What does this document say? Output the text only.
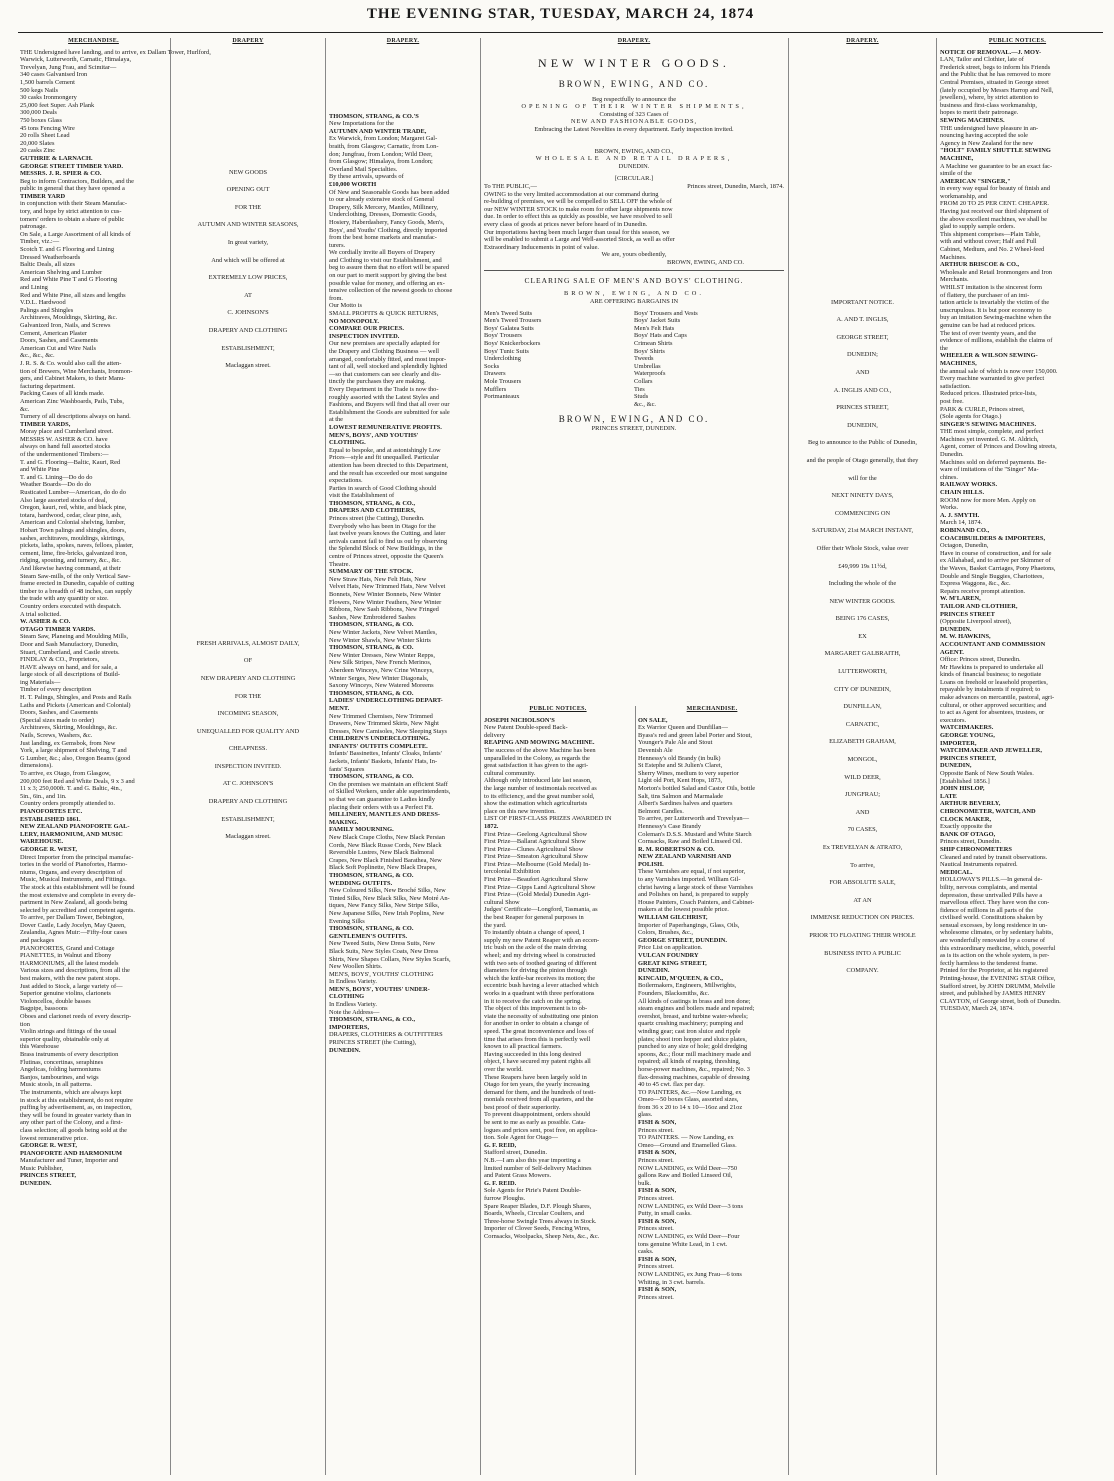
THE EVENING STAR, TUESDAY, MARCH 24, 1874
MERCHANDISE.
THE Undersigned have landing, and to arrive, ex Dallam Tower, Hurlford,
Warwick, Lutterworth, Carnatic, Himalaya,
Trevelyan, Jung Frau, and Scimitar—
340 cases Galvanised Iron
1,500 barrels Cement
500 kegs Nails
30 casks Ironmongery
25,000 feet Super. Ash Plank
300,000 Deals
750 boxes Glass
45 tons Fencing Wire
20 rolls Sheet Lead
20,000 Slates
20 casks Zinc
GUTHRIE & LARNACH.
GEORGE STREET TIMBER YARD.
MESSRS. J. R. SPIER & CO.
Beg to inform Contractors, Builders, and the
public in general that they have opened a
TIMBER YARD
in conjunction with their Steam Manufac-
tory, and hope by strict attention to cus-
tomers' orders to obtain a share of public
patronage.
On Sale, a Large Assortment of all kinds of
Timber, viz.:—
Scotch T. and G Flooring and Lining
Dressed Weatherboards
Baltic Deals, all sizes
American Shelving and Lumber
Red and White Pine T and G Flooring
and Lining
Red and White Pine, all sizes and lengths
V.D.L. Hardwood
Palings and Shingles
Architraves, Mouldings, Skirting, &c.
Galvanized Iron, Nails, and Screws
Cement, American Plaster
Doors, Sashes, and Casements
American Cut and Wire Nails
&c., &c., &c.
J. R. S. & Co. would also call the atten-
tion of Brewers, Wine Merchants, Ironmon-
gers, and Cabinet Makers, to their Manu-
facturing department.
Packing Cases of all kinds made.
American Zinc Washboards, Pails, Tubs,
&c.
Turnery of all descriptions always on hand.
TIMBER YARDS,
Moray place and Cumberland street.
MESSRS W. ASHER & CO. have
always on hand full assorted stocks
of the undermentioned Timbers:—
T. and G. Flooring—Baltic, Kauri, Red
and White Pine
T. and G. Lining—Do do do
Weather Boards—Do do do
Rusticated Lumber—American, do do do
Also large assorted stocks of deal,
Oregon, kauri, red, white, and black pine,
totara, hardwood, cedar, clear pine, ash,
American and Colonial shelving, lumber,
Hobart Town palings and shingles, doors,
sashes, architraves, mouldings, skirtings,
pickets, laths, spokes, naves, felloes, plaster,
cement, lime, fire-bricks, galvanized iron,
ridging, spouting, and turnery, &c., &c.
And likewise having command, at their
Steam Saw-mills, of the only Vertical Saw-
frame erected in Dunedin, capable of cutting
timber to a breadth of 48 inches, can supply
the trade with any quantity or size.
Country orders executed with despatch.
A trial solicited.
W. ASHER & CO.
OTAGO TIMBER YARDS.
Steam Saw, Planeing and Moulding Mills,
Door and Sash Manufactory, Dunedin,
Stuart, Cumberland, and Castle streets.
FINDLAY & CO., Proprietors,
HAVE always on hand, and for sale, a
large stock of all descriptions of Build-
ing Materials—
Timber of every description
H. T. Palings, Shingles, and Posts and Rails
Laths and Pickets (American and Colonial)
Doors, Sashes, and Casements
(Special sizes made to order)
Architraves, Skirting, Mouldings, &c.
Nails, Screws, Washers, &c.
Just landing, ex Gemsbok, from New
York, a large shipment of Shelving, T and
G Lumber, &c.; also, Oregon Beams (good
dimensions).
To arrive, ex Otago, from Glasgow,
200,000 feet Red and White Deals, 9 x 3 and
11 x 3; 250,000ft. T. and G. Baltic, 4in.,
5in., 6in., and 1in.
Country orders promptly attended to.
PIANOFORTES ETC.
ESTABLISHED 1861.
NEW ZEALAND PIANOFORTE GAL-
LERY, HARMONIUM, AND MUSIC
WAREHOUSE.
GEORGE R. WEST,
Direct Importer from the principal manufac-
tories in the world of Pianofortes, Harmo-
niums, Organs, and every description of
Music, Musical Instruments, and Fittings.
The stock at this establishment will be found
the most extensive and complete in every de-
partment in New Zealand, all goods being
selected by accredited and competent agents.
To arrive, per Dallam Tower, Bebington,
Dover Castle, Lady Jocelyn, May Queen,
Zealandia, Agnes Muir:—Fifty-four cases
and packages
PIANOFORTES, Grand and Cottage
PIANETTES, in Walnut and Ebony
HARMONIUMS, all the latest models
Various sizes and descriptions, from all the
best makers, with the new patent stops.
Just added to Stock, a large variety of—
Superior genuine violins, clarionets
Violoncellos, double basses
Bagpipe, bassoons
Oboes and clarionet reeds of every descrip-
tion
Violin strings and fittings of the usual
superior quality, obtainable only at
this Warehouse
Brass instruments of every description
Flutinas, concertinas, seraphines
Angelicas, folding harmoniums
Banjos, tambourines, and wigs
Music stools, in all patterns.
The instruments, which are always kept
in stock at this establishment, do not require
puffing by advertisement, as, on inspection,
they will be found in greater variety than in
any other part of the Colony, and a first-
class selection; all goods being sold at the
lowest remunerative price.
GEORGE R. WEST,
PIANOFORTE AND HARMONIUM
Manufacturer and Tuner, Importer and
Music Publisher,
PRINCES STREET,
DUNEDIN.
DRAPERY
NEW GOODS
OPENING OUT
FOR THE
AUTUMN AND WINTER SEASONS,
In great variety,
And which will be offered at
EXTREMELY LOW PRICES,
AT
C. JOHNSON'S
DRAPERY AND CLOTHING
ESTABLISHMENT,
Maclaggan street.
FRESH ARRIVALS, ALMOST DAILY,
OF
NEW DRAPERY AND CLOTHING
FOR THE
INCOMING SEASON,
UNEQUALLED FOR QUALITY AND
CHEAPNESS.
INSPECTION INVITED.
AT C. JOHNSON'S
DRAPERY AND CLOTHING
ESTABLISHMENT,
Maclaggan street.
DRAPERY.
THOMSON, STRANG, & CO.'S
New Importations for the
AUTUMN AND WINTER TRADE,
Ex Warwick, from London; Margaret Gal-
braith, from Glasgow; Carnatic, from Lon-
don; Jungfrau, from London; Wild Deer,
from Glasgow; Himalaya, from London;
Overland Mail Specialties.
By these arrivals, upwards of
£10,000 WORTH
Of New and Seasonable Goods has been added
to our already extensive stock of General
Drapery, Silk Mercery, Mantles, Millinery,
Underclothing, Dresses, Domestic Goods,
Hosiery, Haberdashery, Fancy Goods, Men's,
Boys', and Youths' Clothing, directly imported
from the best home markets and manufac-
turers.
We cordially invite all Buyers of Drapery
and Clothing to visit our Establishment, and
beg to assure them that no effort will be spared
on our part to merit support by giving the best
possible value for money, and offering an ex-
tensive collection of the newest goods to choose
from.
Our Motto is
SMALL PROFITS & QUICK RETURNS,
NO MONOPOLY.
COMPARE OUR PRICES.
INSPECTION INVITED.
Our new premises are specially adapted for
the Drapery and Clothing Business — well
arranged, comfortably fitted, and most impor-
tant of all, well stocked and splendidly lighted
—so that customers can see clearly and dis-
tinctly the purchases they are making.
Every Department in the Trade is now tho-
roughly assorted with the Latest Styles and
Fashions, and Buyers will find that all over our
Establishment the Goods are submitted for sale
at the
LOWEST REMUNERATIVE PROFITS.
MEN'S, BOYS', AND YOUTHS'
CLOTHING.
Equal to bespoke, and at astonishingly Low
Prices—style and fit unequalled. Particular
attention has been directed to this Department,
and the result has exceeded our most sanguine
expectations.
Parties in search of Good Clothing should
visit the Establishment of
THOMSON, STRANG, & CO.,
DRAPERS AND CLOTHIERS,
Princes street (the Cutting), Dunedin.
Everybody who has been in Otago for the
last twelve years knows the Cutting, and later
arrivals cannot fail to find us out by observing
the Splendid Block of New Buildings, in the
centre of Princes street, opposite the Queen's
Theatre.
SUMMARY OF THE STOCK.
New Straw Hats, New Felt Hats, New
Velvet Hats, New Trimmed Hats, New Velvet
Bonnets, New Winter Bonnets, New Winter
Flowers, New Winter Feathers, New Winter
Ribbons, New Sash Ribbons, New Fringed
Sashes, New Embroidered Sashes
THOMSON, STRANG, & CO.
New Winter Jackets, New Velvet Mantles,
New Winter Shawls, New Winter Skirts
THOMSON, STRANG, & CO.
New Winter Dresses, New Winter Repps,
New Silk Stripes, New French Merinos,
Aberdeen Winceys, New Crine Winceys,
Winter Serges, New Winter Diagonals,
Saxony Winceys, New Watered Moreens
THOMSON, STRANG, & CO.
LADIES' UNDERCLOTHING DEPART-
MENT.
New Trimmed Chemises, New Trimmed
Drawers, New Trimmed Skirts, New Night
Dresses, New Camisoles, New Sleeping Stays
CHILDREN'S UNDERCLOTHING.
INFANTS' OUTFITS COMPLETE.
Infants' Bassinettes, Infants' Cloaks, Infants'
Jackets, Infants' Baskets, Infants' Hats, In-
fants' Squares
THOMSON, STRANG, & CO.
On the premises we maintain an efficient Staff
of Skilled Workers, under able superintendents,
so that we can guarantee to Ladies kindly
placing their orders with us a Perfect Fit.
MILLINERY, MANTLES AND DRESS-
MAKING.
FAMILY MOURNING.
New Black Crape Cloths, New Black Persian
Cords, New Black Russe Cords, New Black
Reversible Lustres, New Black Balmoral
Crapes, New Black Finished Barathea, New
Black Soft Poplinette, New Black Drapes,
THOMSON, STRANG, & CO.
WEDDING OUTFITS.
New Coloured Silks, New Broché Silks, New
Tinted Silks, New Black Silks, New Moiré An-
tiques, New Fancy Silks, New Stripe Silks,
New Japanese Silks, New Irish Poplins, New
Evening Silks
THOMSON, STRANG, & CO.
GENTLEMEN'S OUTFITS.
New Tweed Suits, New Dress Suits, New
Black Suits, New Styles Coats, New Dress
Shirts, New Shapes Collars, New Styles Scarfs,
New Woollen Shirts.
MEN'S, BOYS', YOUTHS' CLOTHING
In Endless Variety.
MEN'S, BOYS', YOUTHS' UNDER-
CLOTHING
In Endless Variety.
Note the Address—
THOMSON, STRANG, & CO.,
IMPORTERS,
DRAPERS, CLOTHIERS & OUTFITTERS
PRINCES STREET (the Cutting),
DUNEDIN.
DRAPERY.
NEW WINTER GOODS.
BROWN, EWING, AND CO.
Beg respectfully to announce the
OPENING OF THEIR WINTER SHIPMENTS,
Consisting of 323 Cases of
NEW AND FASHIONABLE GOODS,
Embracing the Latest Novelties in every department. Early inspection invited.
BROWN, EWING, AND CO.,
WHOLESALE AND RETAIL DRAPERS,
DUNEDIN.
[CIRCULAR.]
To THE PUBLIC,—	Princes street, Dunedin, March, 1874.
OWING to the very limited accommodation at our command during
re-building of premises, we will be compelled to SELL OFF the whole of
our NEW WINTER STOCK to make room for other large shipments now
due. In order to effect this as quickly as possible, we have resolved to sell
every class of goods at prices never before heard of in Dunedin.
Our importations having been much larger than usual for this season, we
will be enabled to submit a Large and Well-assorted Stock, as well as offer
Extraordinary Inducements in point of value.
We are, yours obediently,
BROWN, EWING, AND CO.
CLEARING SALE OF MEN'S AND BOYS' CLOTHING.
BROWN, EWING, AND CO.
ARE OFFERING BARGAINS IN
Men's Tweed Suits
Men's Tweed Trousers
Boys' Galatea Suits
Boys' Trousers
Boys' Knickerbockers
Boys' Tunic Suits
Underclothing
Socks
Drawers
Mole Trousers
Mufflers
Portmanteaux
Boys' Trousers and Vests
Boys' Jacket Suits
Men's Felt Hats
Boys' Hats and Caps
Crimean Shirts
Boys' Shirts
Tweeds
Umbrellas
Waterproofs
Collars
Ties
Studs
&c., &c.
BROWN, EWING, AND CO.
PRINCES STREET, DUNEDIN.
PUBLIC NOTICES.
JOSEPH NICHOLSON'S
New Patent Double-speed Back-
delivery
REAPING AND MOWING MACHINE.
The success of the above Machine has been
unparalleled in the Colony, as regards the
great satisfaction it has given to the agri-
cultural community.
Although only introduced late last season,
the large number of testimonials received as
to its efficiency, and the great number sold,
show the estimation which agriculturists
place on this new invention.
LIST OF FIRST-CLASS PRIZES AWARDED IN
1872.
First Prize—Geelong Agricultural Show
First Prize—Ballarat Agricultural Show
First Prize—Clunes Agricultural Show
First Prize—Smeaton Agricultural Show
First Prize—Melbourne (Gold Medal) In-
tercolonial Exhibition
First Prize—Beaufort Agricultural Show
First Prize—Gipps Land Agricultural Show
First Prize—(Gold Medal) Dunedin Agri-
cultural Show
Judges' Certificate—Longford, Tasmania, as
the best Reaper for general purposes in
the yard.
To instantly obtain a change of speed, I
supply my new Patent Reaper with an eccen-
tric bush on the axle of the main driving
wheel; and my driving wheel is constructed
with two sets of toothed gearing of different
diameters for driving the pinion through
which the knife-bar receives its motion; the
eccentric bush having a lever attached which
works in a quadrant with three perforations
in it to receive the catch on the spring.
The object of this improvement is to ob-
viate the necessity of substituting one pinion
for another in order to obtain a change of
speed. The great inconvenience and loss of
time that arises from this is perfectly well
known to all practical farmers.
Having succeeded in this long desired
object, I have secured my patent rights all
over the world.
These Reapers have been largely sold in
Otago for ten years, the yearly increasing
demand for them, and the hundreds of testi-
monials received from all quarters, and the
best proof of their superiority.
To prevent disappointment, orders should
be sent to me as early as possible. Cata-
logues and prices sent, post free, on applica-
tion. Sole Agent for Otago—
G. F. REID,
Stafford street, Dunedin.
N.B.—I am also this year importing a
limited number of Self-delivery Machines
and Patent Grass Mowers.
G. F. REID.
Sole Agents for Pirie's Patent Double-
furrow Ploughs.
Spare Reaper Blades, D.F. Plough Shares,
Boards, Wheels, Circular Coulters, and
Three-horse Swingle Trees always in Stock.
Importer of Clover Seeds, Fencing Wires,
Cornsacks, Woolpacks, Sheep Nets, &c., &c.
MERCHANDISE.
ON SALE,
Ex Warrior Queen and Dunfillan—
Byass's red and green label Porter and Stout,
Younger's Pale Ale and Stout
Devenish Ale
Hennessy's old Brandy (in bulk)
St Estephe and St Julien's Claret,
Sherry Wines, medium to very superior
Light old Port, Kent Hops, 1873,
Morton's bottled Salad and Castor Oils, bottle
Salt, tins Salmon and Marmalade
Albert's Sardines halves and quarters
Belmont Candles.
To arrive, per Lutterworth and Trevelyan—
Hennessy's Case Brandy
Coleman's D.S.S. Mustard and White Starch
Cornsacks, Raw and Boiled Linseed Oil.
R. M. ROBERTSON & CO.
NEW ZEALAND VARNISH AND
POLISH.
These Varnishes are equal, if not superior,
to any Varnishes imported. William Gil-
christ having a large stock of these Varnishes
and Polishes on hand, is prepared to supply
House Painters, Coach Painters, and Cabinet-
makers at the lowest possible price.
WILLIAM GILCHRIST,
Importer of Paperhangings, Glass, Oils,
Colors, Brushes, &c.,
GEORGE STREET, DUNEDIN.
Price List on application.
VULCAN FOUNDRY
GREAT KING STREET,
DUNEDIN.
KINCAID, M'QUEEN, & CO.,
Boilermakers, Engineers, Millwrights,
Founders, Blacksmiths, &c.
All kinds of castings in brass and iron done;
steam engines and boilers made and repaired;
overshot, breast, and turbine water-wheels;
quartz crushing machinery; pumping and
winding gear; cast iron sluice and ripple
plates; shoot iron hopper and sluice plates,
punched to any size of hole; gold dredging
spoons, &c.; flour mill machinery made and
repaired; all kinds of reaping, threshing,
horse-power machines, &c., repaired; No. 3
flax-dressing machines, capable of dressing
40 to 45 cwt. flax per day.
TO PAINTERS, &c.—Now Landing, ex
Omeo—50 boxes Glass, assorted sizes,
from 36 x 20 to 14 x 10—16oz and 21oz
glass.
FISH & SON,
Princes street.
TO PAINTERS. — Now Landing, ex
Omeo—Ground and Enamelled Glass.
FISH & SON,
Princes street.
NOW LANDING, ex Wild Deer—750
gallons Raw and Boiled Linseed Oil,
bulk.
FISH & SON,
Princes street.
NOW LANDING, ex Wild Deer—3 tons
Putty, in small casks.
FISH & SON,
Princes street.
NOW LANDING, ex Wild Deer—Four
tons genuine White Lead, in 1 cwt.
casks.
FISH & SON,
Princes street.
NOW LANDING, ex Jung Frau—6 tons
Whiting, in 3 cwt. barrels.
FISH & SON,
Princes street.
DRAPERY.
IMPORTANT NOTICE.
A. AND T. INGLIS,
GEORGE STREET,
DUNEDIN;
AND
A. INGLIS AND CO.,
PRINCES STREET,
DUNEDIN,
Beg to announce to the Public of Dunedin,
and the people of Otago generally, that they
will for the
NEXT NINETY DAYS,
COMMENCING ON
SATURDAY, 21st MARCH INSTANT,
Offer their Whole Stock, value over
£49,999 19s 11½d,
Including the whole of the
NEW WINTER GOODS.
BEING 176 CASES,
EX
MARGARET GALBRAITH,
LUTTERWORTH,
CITY OF DUNEDIN,
DUNFILLAN,
CARNATIC,
ELIZABETH GRAHAM,
MONGOL,
WILD DEER,
JUNGFRAU;
AND
70 CASES,
Ex TREVELYAN & ATRATO,
To arrive,
FOR ABSOLUTE SALE,
AT AN
IMMENSE REDUCTION ON PRICES.
PRIOR TO FLOATING THEIR WHOLE
BUSINESS INTO A PUBLIC
COMPANY.
PUBLIC NOTICES.
NOTICE OF REMOVAL.—J. MOY-
LAN, Tailor and Clothier, late of
Frederick street, begs to inform his Friends
and the Public that he has removed to more
Central Premises, situated in George street
(lately occupied by Messrs Harrop and Nell,
jewellers), where, by strict attention to
business and first-class workmanship,
hopes to merit their patronage.
SEWING MACHINES.
THE undersigned have pleasure in an-
nouncing having accepted the sole
Agency in New Zealand for the new
"HOLT" FAMILY SHUTTLE SEWING
MACHINE,
A Machine we guarantee to be an exact fac-
simile of the
AMERICAN "SINGER,"
in every way equal for beauty of finish and
workmanship, and
FROM 20 TO 25 PER CENT. CHEAPER.
Having just received our third shipment of
the above excellent machines, we shall be
glad to supply sample orders.
This shipment comprises—Plain Table,
with and without cover; Half and Full
Cabinet, Medium, and No. 2 Wheel-feed
Machines.
ARTHUR BRISCOE & CO.,
Wholesale and Retail Ironmongers and Iron
Merchants.
WHILST imitation is the sincerest form
of flattery, the purchaser of an imi-
tation article is invariably the victim of the
unscrupulous. It is but poor economy to
buy an imitation Sewing-machine when the
genuine can be had at reduced prices.
The test of over twenty years, and the
evidence of millions, establish the claims of
the
WHEELER & WILSON SEWING-
MACHINES,
the annual sale of which is now over 150,000.
Every machine warranted to give perfect
satisfaction.
Reduced prices. Illustrated price-lists,
post free.
PARK & CURLE, Princes street,
(Sole agents for Otago.)
SINGER'S SEWING MACHINES.
THE most simple, complete, and perfect
Machines yet invented. G. M. Aldrich,
Agent, corner of Princes and Dowling streets,
Dunedin.
Machines sold on deferred payments. Be-
ware of imitations of the "Singer" Ma-
chines.
RAILWAY WORKS.
CHAIN HILLS.
ROOM now for more Men. Apply on
Works.
A. J. SMYTH.
March 14, 1874.
ROBINAND CO.,
COACHBUILDERS & IMPORTERS,
Octagon, Dunedin,
Have in course of construction, and for sale
ex Allahabad, and to arrive per Skimmer of
the Waves, Basket Carriages, Pony Phaetons,
Double and Single Buggies, Chariottees,
Express Waggons, &c., &c.
Repairs receive prompt attention.
W. M'LAREN,
TAILOR AND CLOTHIER,
PRINCES STREET
(Opposite Liverpool street),
DUNEDIN.
M. W. HAWKINS,
ACCOUNTANT AND COMMISSION
AGENT.
Office: Princes street, Dunedin.
Mr Hawkins is prepared to undertake all
kinds of financial business; to negotiate
Loans on freehold or leasehold properties,
repayable by instalments if required; to
make advances on mercantile, pastoral, agri-
cultural, or other approved securities; and
to act as Agent for absentees, trustees, or
executors.
WATCHMAKERS.
GEORGE YOUNG,
IMPORTER,
WATCHMAKER AND JEWELLER,
PRINCES STREET,
DUNEDIN,
Opposite Bank of New South Wales.
[Established 1856.]
JOHN HISLOP,
LATE
ARTHUR BEVERLY,
CHRONOMETER, WATCH, AND
CLOCK MAKER,
Exactly opposite the
BANK OF OTAGO,
Princes street, Dunedin.
SHIP CHRONOMETERS
Cleaned and rated by transit observations.
Nautical Instruments repaired.
MEDICAL.
HOLLOWAY'S PILLS.—In general de-
bility, nervous complaints, and mental
depression, these unrivalled Pills have a
marvellous effect. They have won the con-
fidence of millions in all parts of the
civilised world. Constitutions shaken by
sensual excesses, by long residence in un-
wholesome climates, or by sedentary habits,
are wonderfully renovated by a course of
this extraordinary medicine, which, powerful
as is its action on the whole system, is per-
fectly harmless to the tenderest frame.
Printed for the Proprietor, at his registered
Printing-house, the EVENING STAR Office,
Stafford street, by JOHN DRUMM, Melville
street, and published by JAMES HENRY
CLAYTON, of George street, both of Dunedin.
TUESDAY, March 24, 1874.
